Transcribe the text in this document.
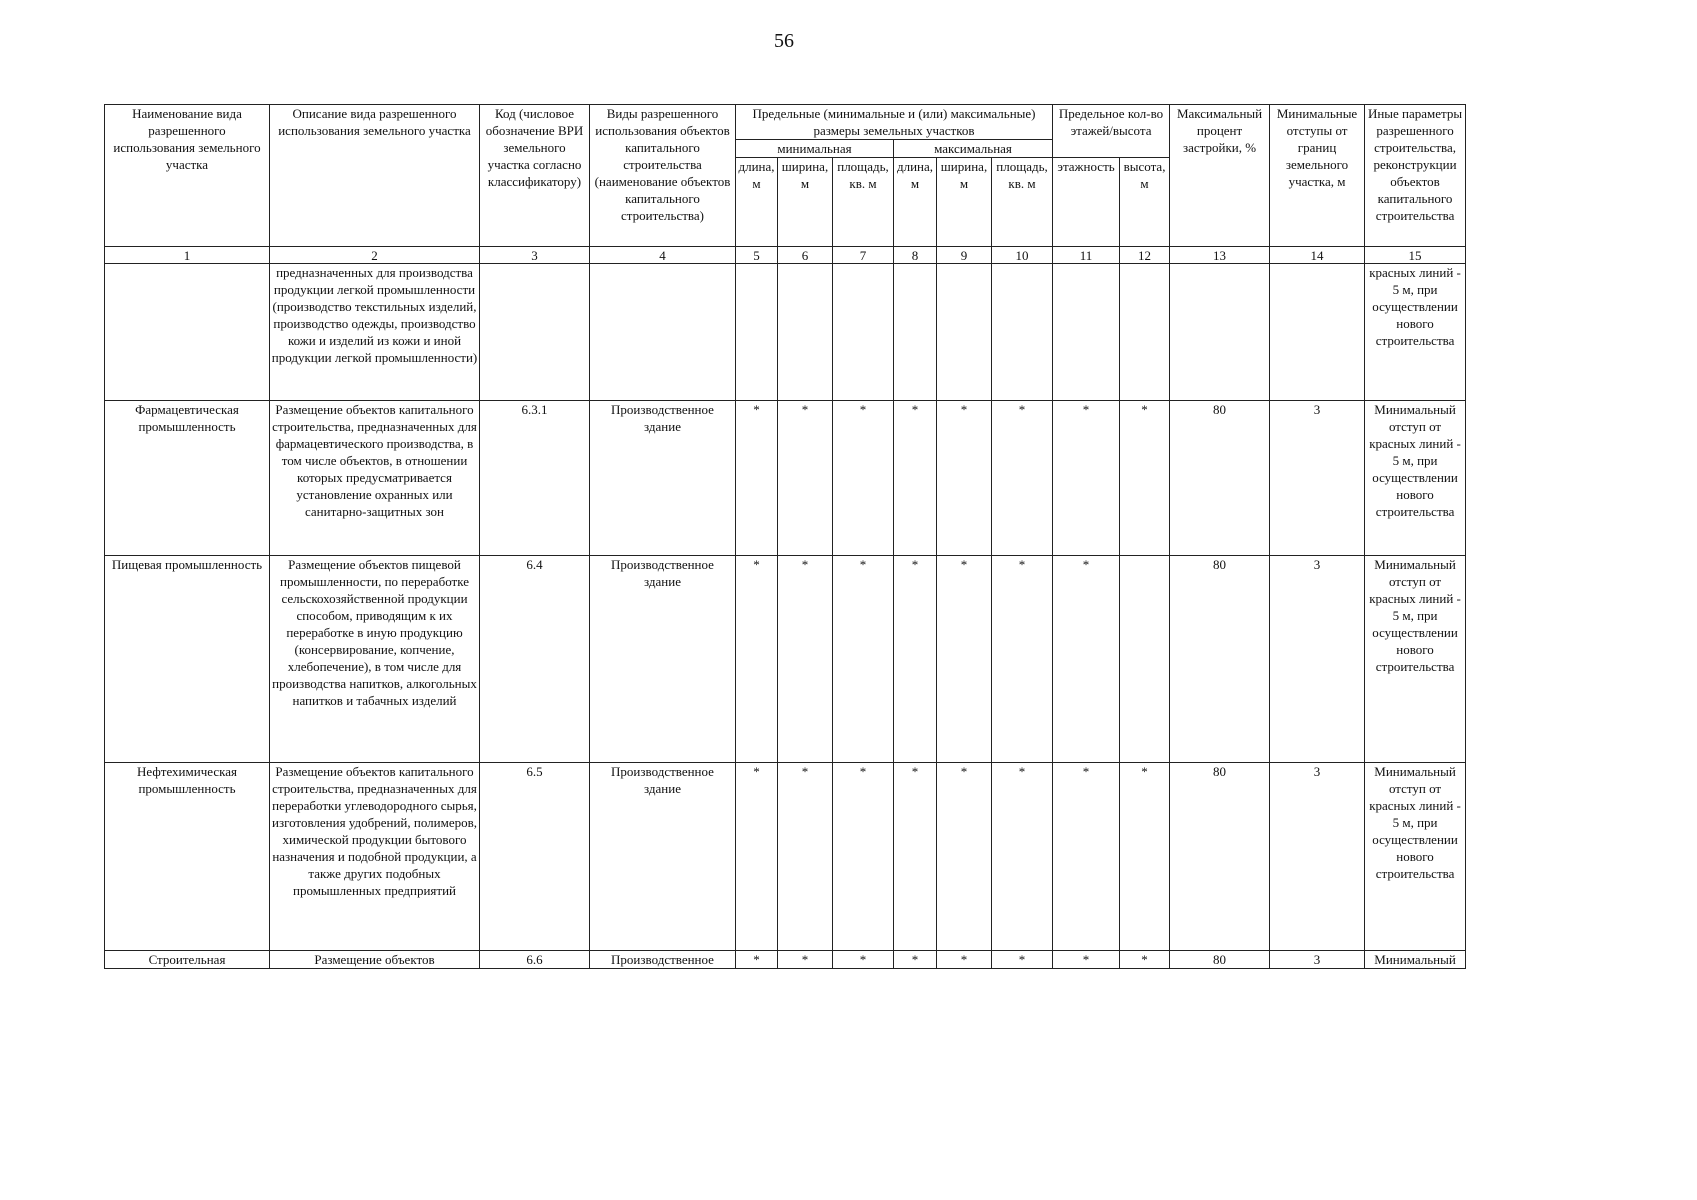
56
Наименование вида разрешенного использования земельного участка	Описание вида разрешенного использования земельного участка	Код (числовое обозначение ВРИ земельного участка согласно классификатору)	Виды разрешенного использования объектов капитального строительства (наименование объектов капитального строительства)	Предельные (минимальные и (или) максимальные) размеры земельных участков						Предельное кол-во этажей/высота		Максимальный процент застройки, %	Минимальные отступы от границ земельного участка, м	Иные параметры разрешенного строительства, реконструкции объектов капитального строительства
				минимальная			максимальная							
				длина, м	ширина, м	площадь, кв. м	длина, м	ширина, м	площадь, кв. м	этажность	высота, м			
1	2	3	4	5	6	7	8	9	10	11	12	13	14	15
	предназначенных для производства продукции легкой промышленности (производство текстильных изделий, производство одежды, производство кожи и изделий из кожи и иной продукции легкой промышленности)													красных линий - 5 м, при осуществлении нового строительства
Фармацевтическая промышленность	Размещение объектов капитального строительства, предназначенных для фармацевтического производства, в том числе объектов, в отношении которых предусматривается установление охранных или санитарно-защитных зон	6.3.1	Производственное здание	*	*	*	*	*	*	*	*	80	3	Минимальный отступ от красных линий - 5 м, при осуществлении нового строительства
Пищевая промышленность	Размещение объектов пищевой промышленности, по переработке сельскохозяйственной продукции способом, приводящим к их переработке в иную продукцию (консервирование, копчение, хлебопечение), в том числе для производства напитков, алкогольных напитков и табачных изделий	6.4	Производственное здание	*	*	*	*	*	*	*		80	3	Минимальный отступ от красных линий - 5 м, при осуществлении нового строительства
Нефтехимическая промышленность	Размещение объектов капитального строительства, предназначенных для переработки углеводородного сырья, изготовления удобрений, полимеров, химической продукции бытового назначения и подобной продукции, а также других подобных промышленных предприятий	6.5	Производственное здание	*	*	*	*	*	*	*	*	80	3	Минимальный отступ от красных линий - 5 м, при осуществлении нового строительства
Строительная	Размещение объектов	6.6	Производственное	*	*	*	*	*	*	*	*	80	3	Минимальный
